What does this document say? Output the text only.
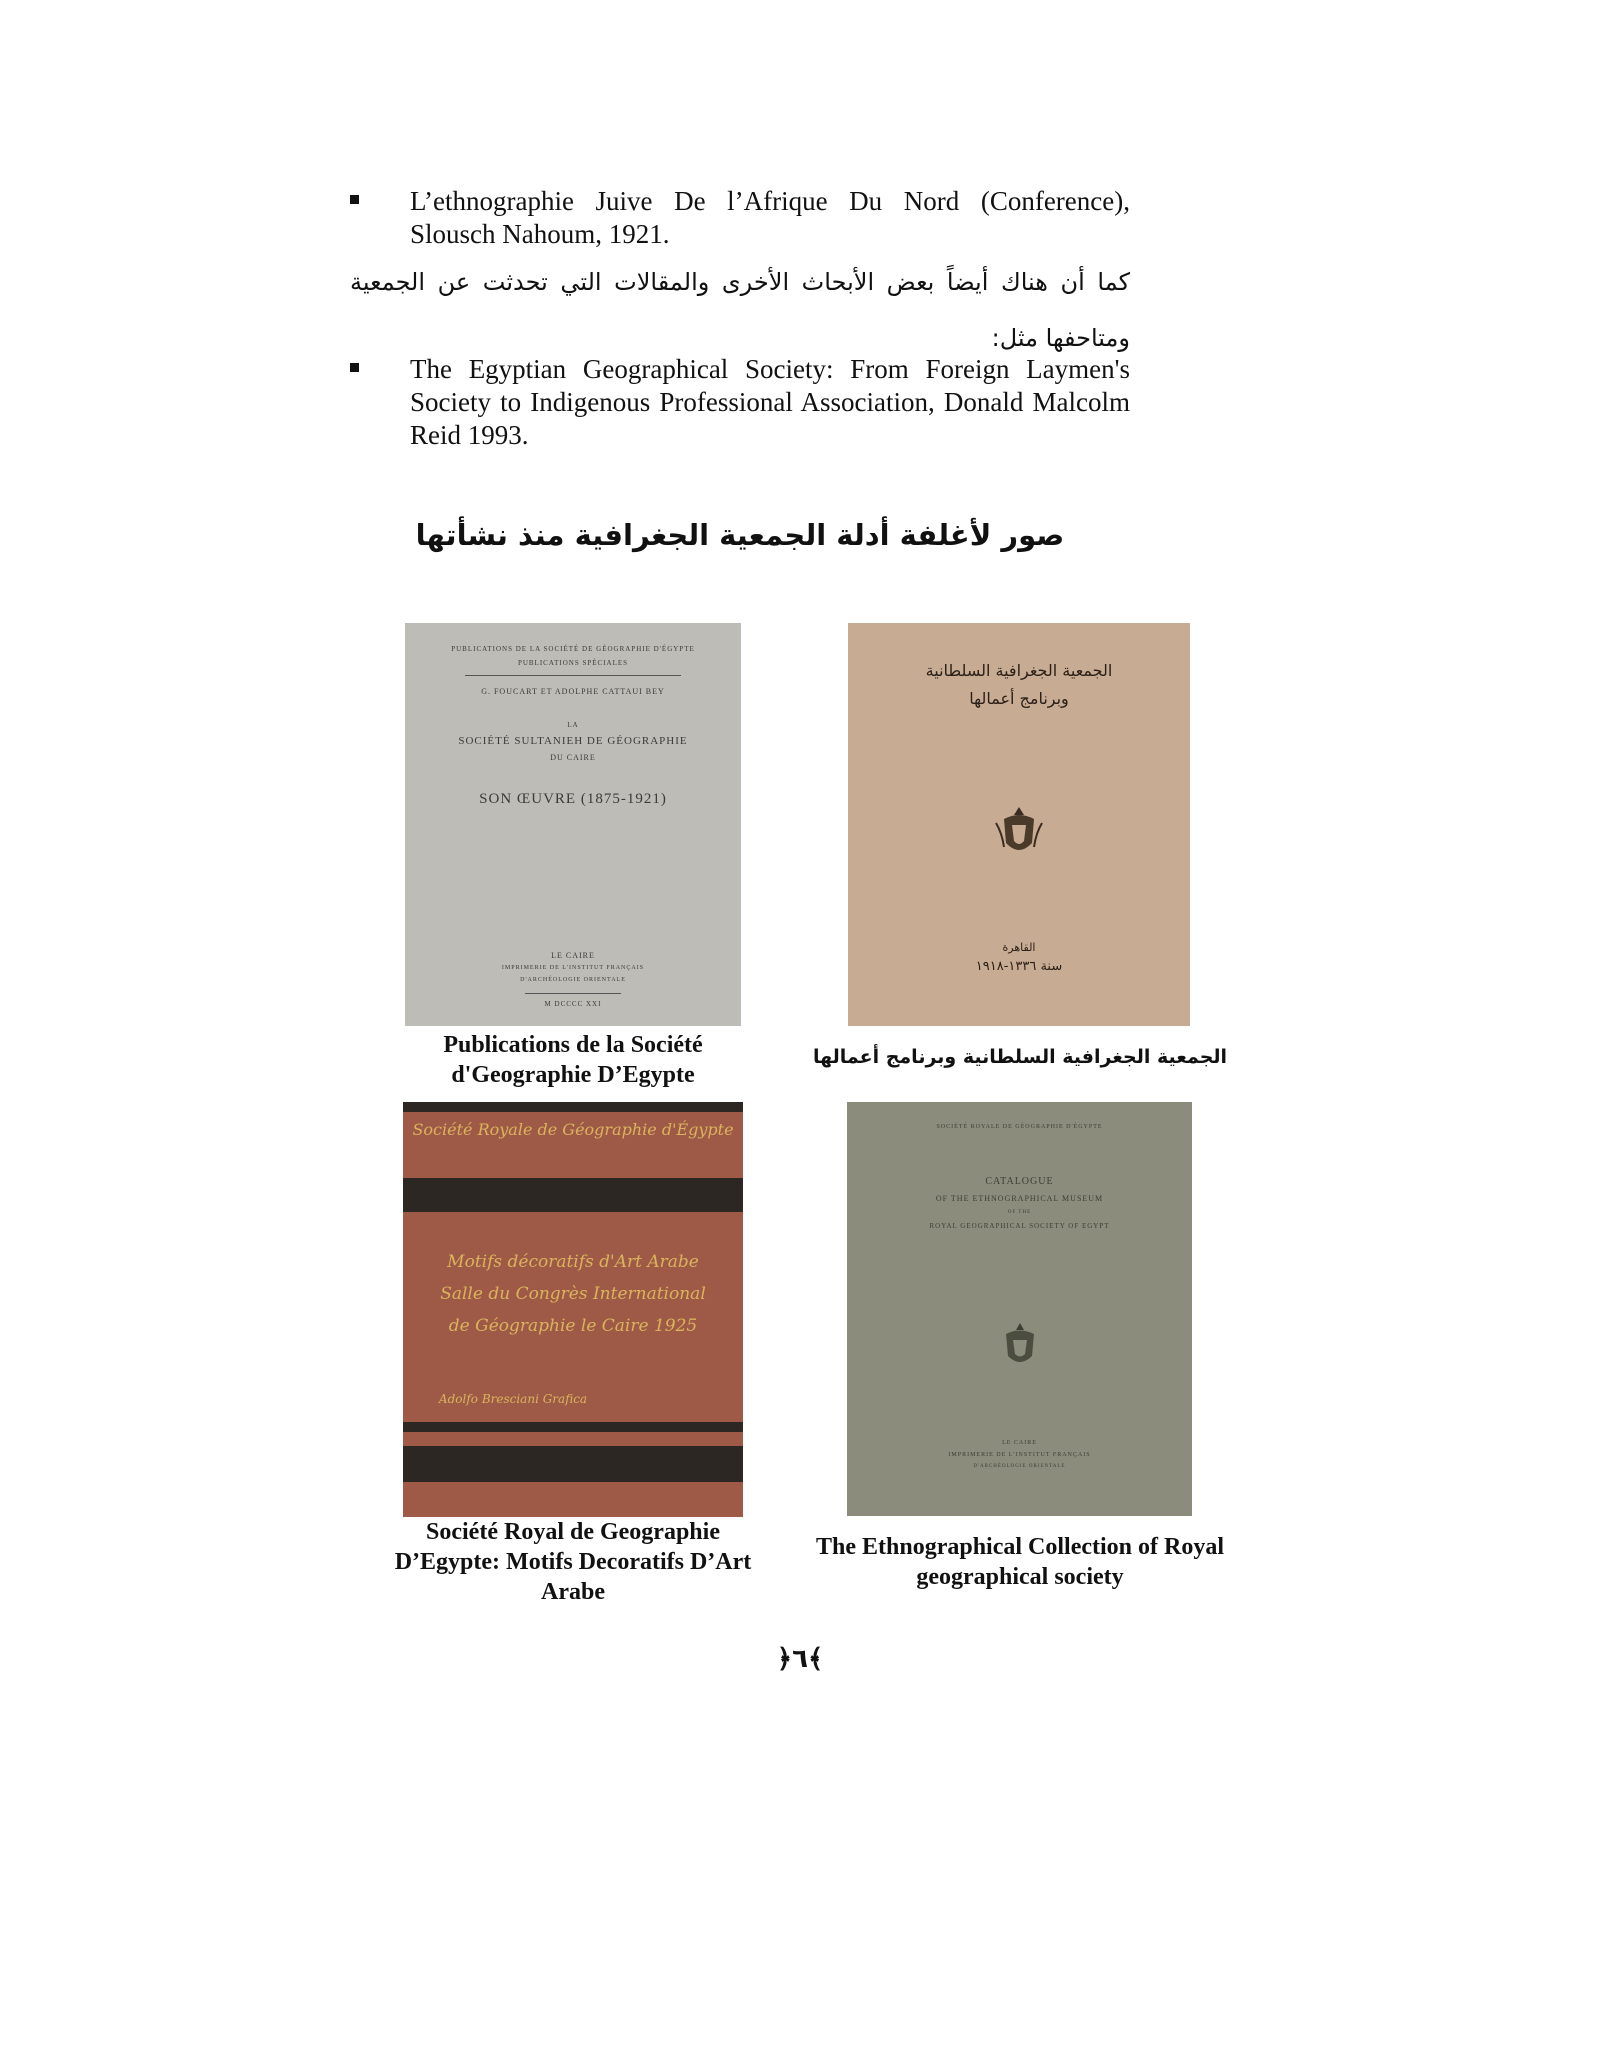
L’ethnographie Juive De l’Afrique Du Nord (Conference), Slousch Nahoum, 1921.
كما أن هناك أيضاً بعض الأبحاث الأخرى والمقالات التي تحدثت عن الجمعية ومتاحفها مثل:
The Egyptian Geographical Society: From Foreign Laymen's Society to Indigenous Professional Association, Donald Malcolm Reid 1993.
صور لأغلفة أدلة الجمعية الجغرافية منذ نشأتها
PUBLICATIONS DE LA SOCIÉTÉ DE GÉOGRAPHIE D'ÉGYPTE
PUBLICATIONS SPÉCIALES
G. FOUCART ET ADOLPHE CATTAUI BEY
LA
SOCIÉTÉ SULTANIEH DE GÉOGRAPHIE
DU CAIRE
SON ŒUVRE (1875-1921)
LE CAIRE
IMPRIMERIE DE L'INSTITUT FRANÇAIS
D'ARCHÉOLOGIE ORIENTALE
M DCCCC XXI
Publications de la Société d'Geographie D’Egypte
الجمعية الجغرافية السلطانية
وبرنامج أعمالها
القاهرة
سنة ١٣٣٦-١٩١٨
الجمعية الجغرافية السلطانية وبرنامج أعمالها
Société Royale de Géographie d'Égypte
Motifs décoratifs d'Art Arabe
Salle du Congrès International
de Géographie le Caire 1925
Adolfo Bresciani Grafica
Société Royal de Geographie D’Egypte: Motifs Decoratifs D’Art Arabe
SOCIÉTÉ ROYALE DE GÉOGRAPHIE D'ÉGYPTE
CATALOGUE
OF THE ETHNOGRAPHICAL MUSEUM
OF THE
ROYAL GEOGRAPHICAL SOCIETY OF EGYPT
LE CAIRE
IMPRIMERIE DE L'INSTITUT FRANÇAIS
D'ARCHÉOLOGIE ORIENTALE
The Ethnographical Collection of Royal geographical society
﴿٦﴾
